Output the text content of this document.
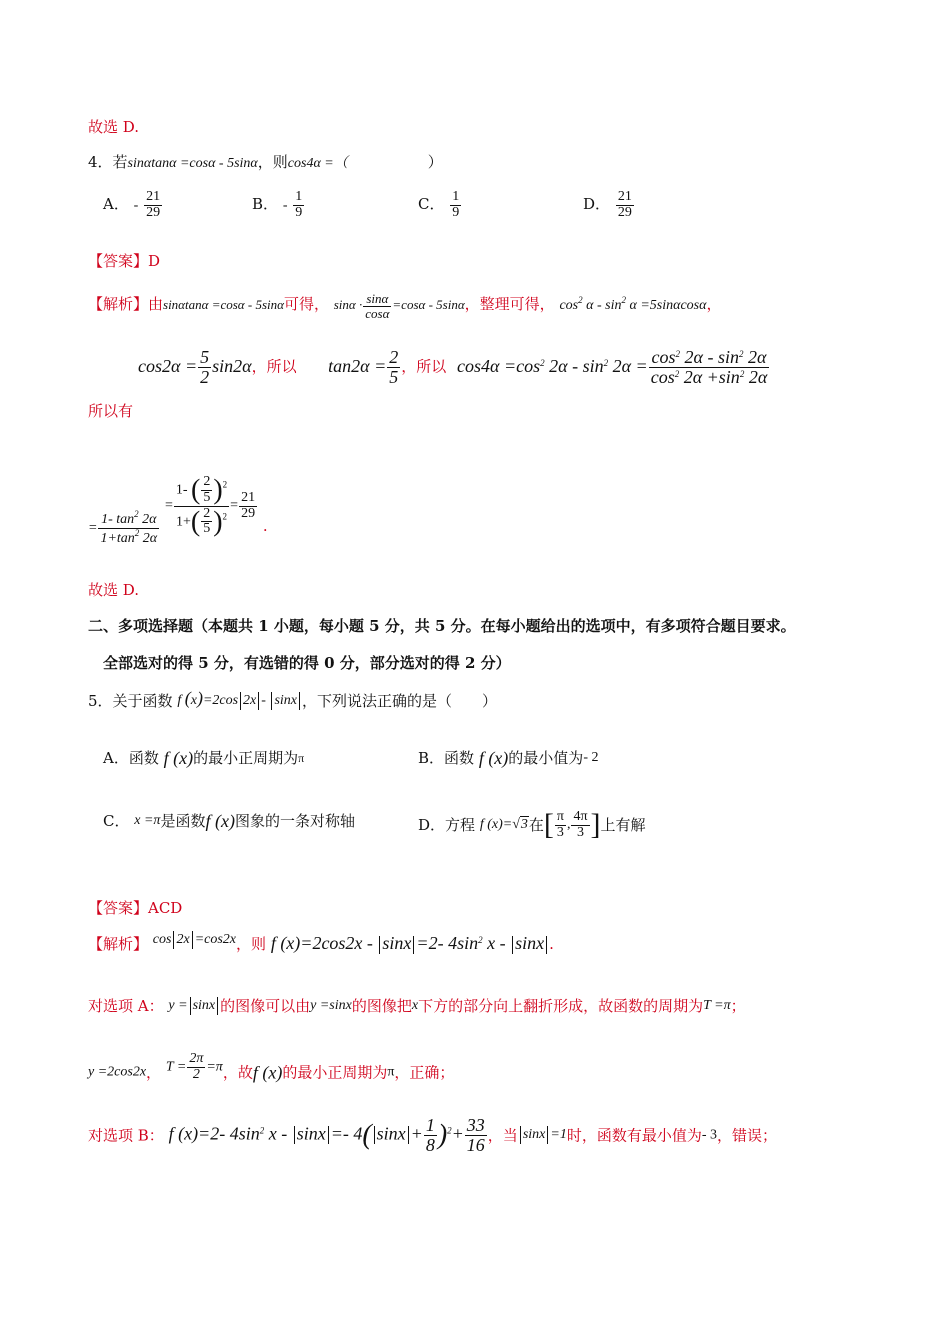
故选 D.
4．若sinαtanα =cosα - 5sinα，则cos4α =（	）
A． - $\frac{21}{29}$	B． - $\frac{1}{9}$	C． $\frac{1}{9}$	D． $\frac{21}{29}$
【答案】D
【解析】由sinαtanα =cosα - 5sinα可得， $\sin\alpha \cdot \frac{\sin\alpha}{\cos\alpha} =\cos\alpha - 5\sin\alpha$，整理可得， $\cos^2 \alpha - \sin^2 \alpha =5\sin\alpha\cos\alpha$，
$\cos 2\alpha = \frac{5}{2} \sin 2\alpha$，所以 $\tan 2\alpha = \frac{2}{5}$ ，所以 $\cos 4\alpha =\cos^2$ $2\alpha - \sin^2 2\alpha = \frac{\cos^2 2\alpha - \sin^2 2\alpha}{\cos^2 2\alpha +\sin^2 2\alpha}$
所以有
= $\frac{1- \tan^2 2\alpha}{1+\tan^2 2\alpha}$
= $\frac{1- ( \frac{2}{5} )^2}{1+( \frac{2}{5} )^2} = \frac{21}{29}$
.
故选 D.
二、多项选择题（本题共 1 小题，每小题 5 分，共 5 分。在每小题给出的选项中，有多项符合题目要求。
全部选对的得 5 分，有选错的得 0 分，部分选对的得 2 分）
5．关于函数 f (x)=2cos 2x - sinx ，下列说法正确的是（　　）
A．函数 f (x)的最小正周期为$^\pi$	B．函数 f (x)的最小值为- 2
C． x =π是函数f (x)图象的一条对称轴	D．方程 f (x)=√3在[ $\frac{\pi}{3}$ , $\frac{4\pi}{3}$ ]上有解
【答案】ACD
【解析】 cos 2x =cos2x，则 f (x)=2cos2x - sinx =2- $4\sin^2$ x - sinx .
对选项 A： y = sinx 的图像可以由y =sinx的图像把x下方的部分向上翻折形成，故函数的周期为T =π；
y =2cos2x， $T = \frac{2\pi}{2} =\pi$，故f (x)的最小正周期为π，正确；
对选项 B： f (x)=2- $4\sin^2$ x - sinx =- 4( $\sin x + \frac{1}{8} )^2+ \frac{33}{16}$ ，当 sinx =1时，函数有最小值为- 3，错误；
